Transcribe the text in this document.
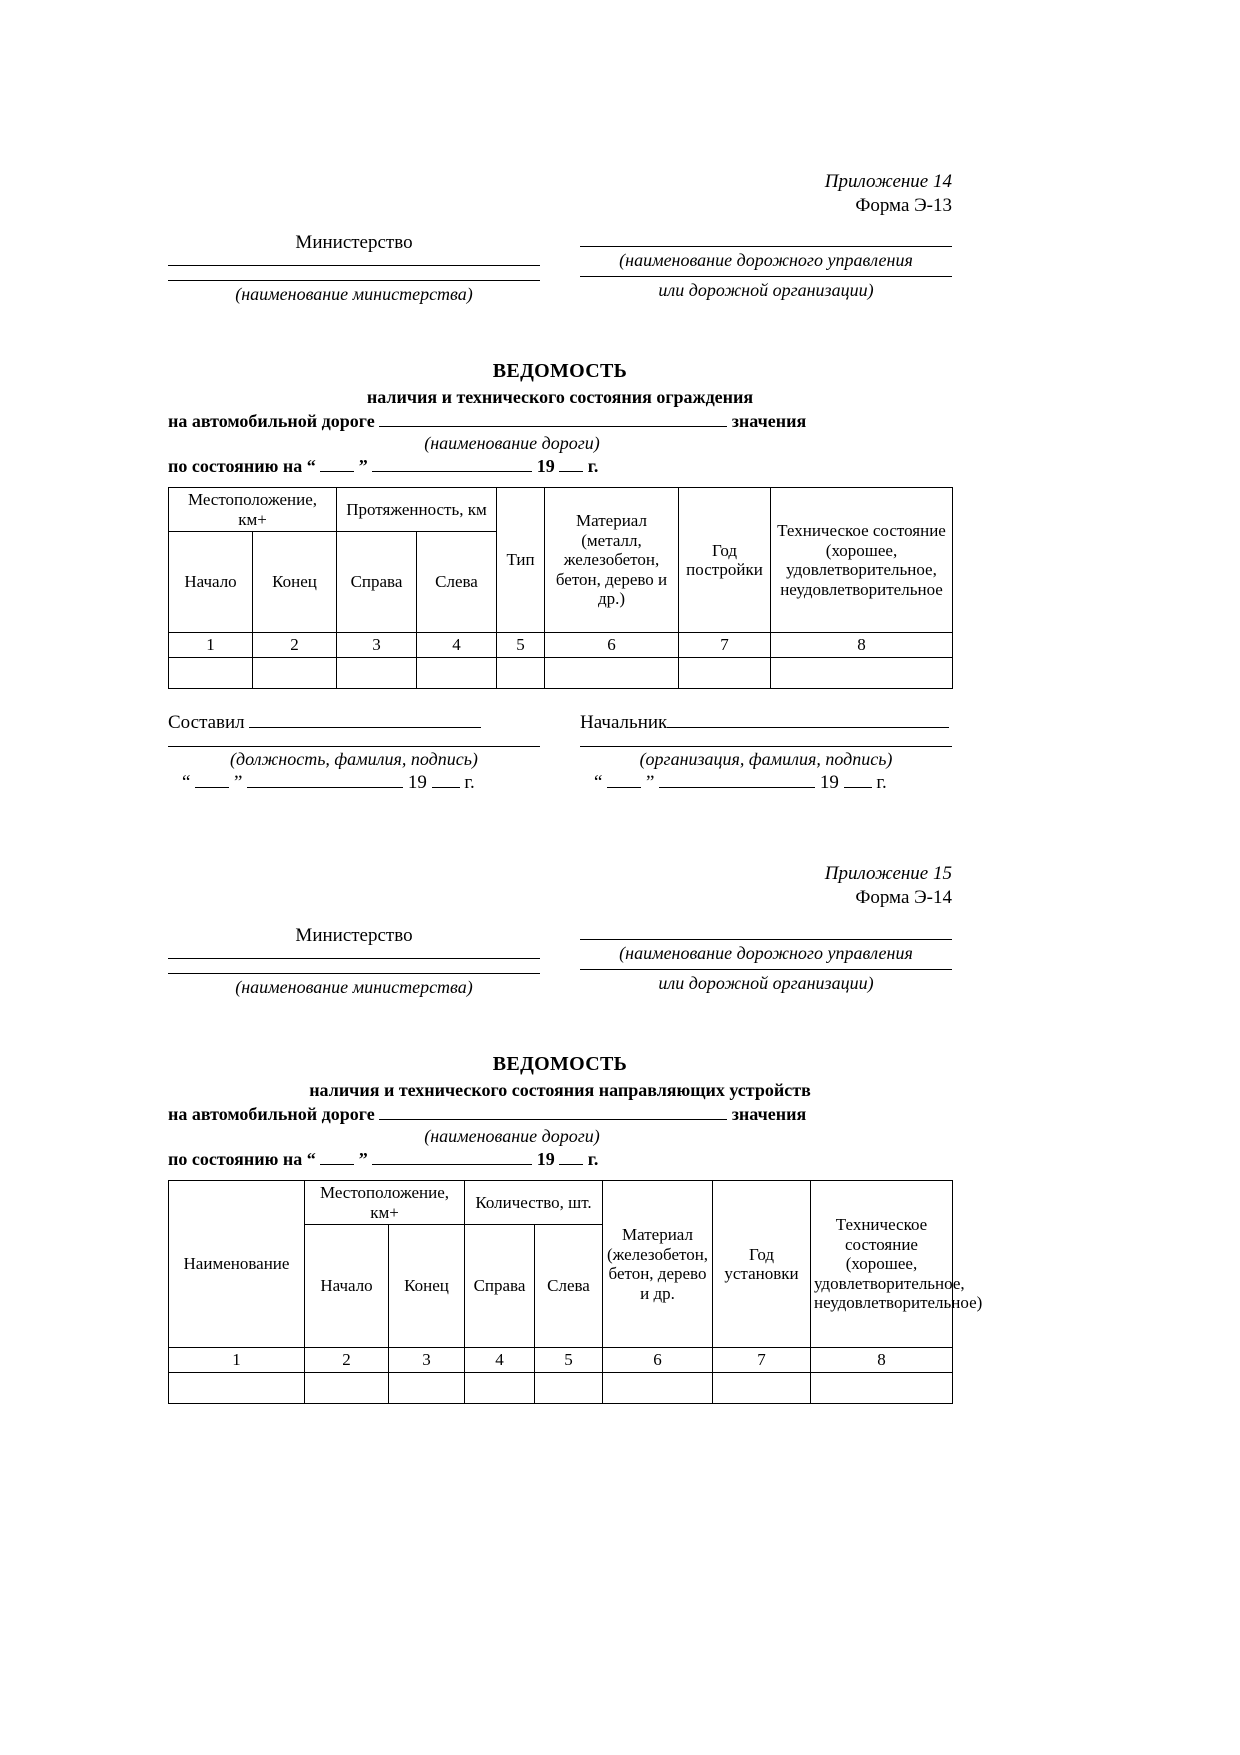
Приложение 14
Форма Э-13
Министерство
(наименование министерства)
(наименование дорожного управления
или дорожной организации)
ВЕДОМОСТЬ
наличия и технического состояния ограждения
на автомобильной дороге	значения
(наименование дороги)
по состоянию на “ ”	19 г.
Местоположение, км+		Протяженность, км		Тип	Материал (металл, железобетон, бетон, дерево и др.)	Год постройки	Техническое состояние (хорошее, удовлетворительное, неудовлетворительное
Начало	Конец	Справа	Слева				
1	2	3	4	5	6	7	8

Составил
(должность, фамилия, подпись)
“ ”	19 г.
Начальник
(организация, фамилия, подпись)
“ ”	19 г.
Приложение 15
Форма Э-14
Министерство
(наименование министерства)
(наименование дорожного управления
или дорожной организации)
ВЕДОМОСТЬ
наличия и технического состояния направляющих устройств
на автомобильной дороге	значения
(наименование дороги)
по состоянию на “ ”	19 г.
Наименование	Местоположение, км+		Количество, шт.		Материал (железобетон, бетон, дерево и др.	Год установки	Техническое состояние (хорошее, удовлетворительное, неудовлетворительное)
	Начало	Конец	Справа	Слева			
1	2	3	4	5	6	7	8
